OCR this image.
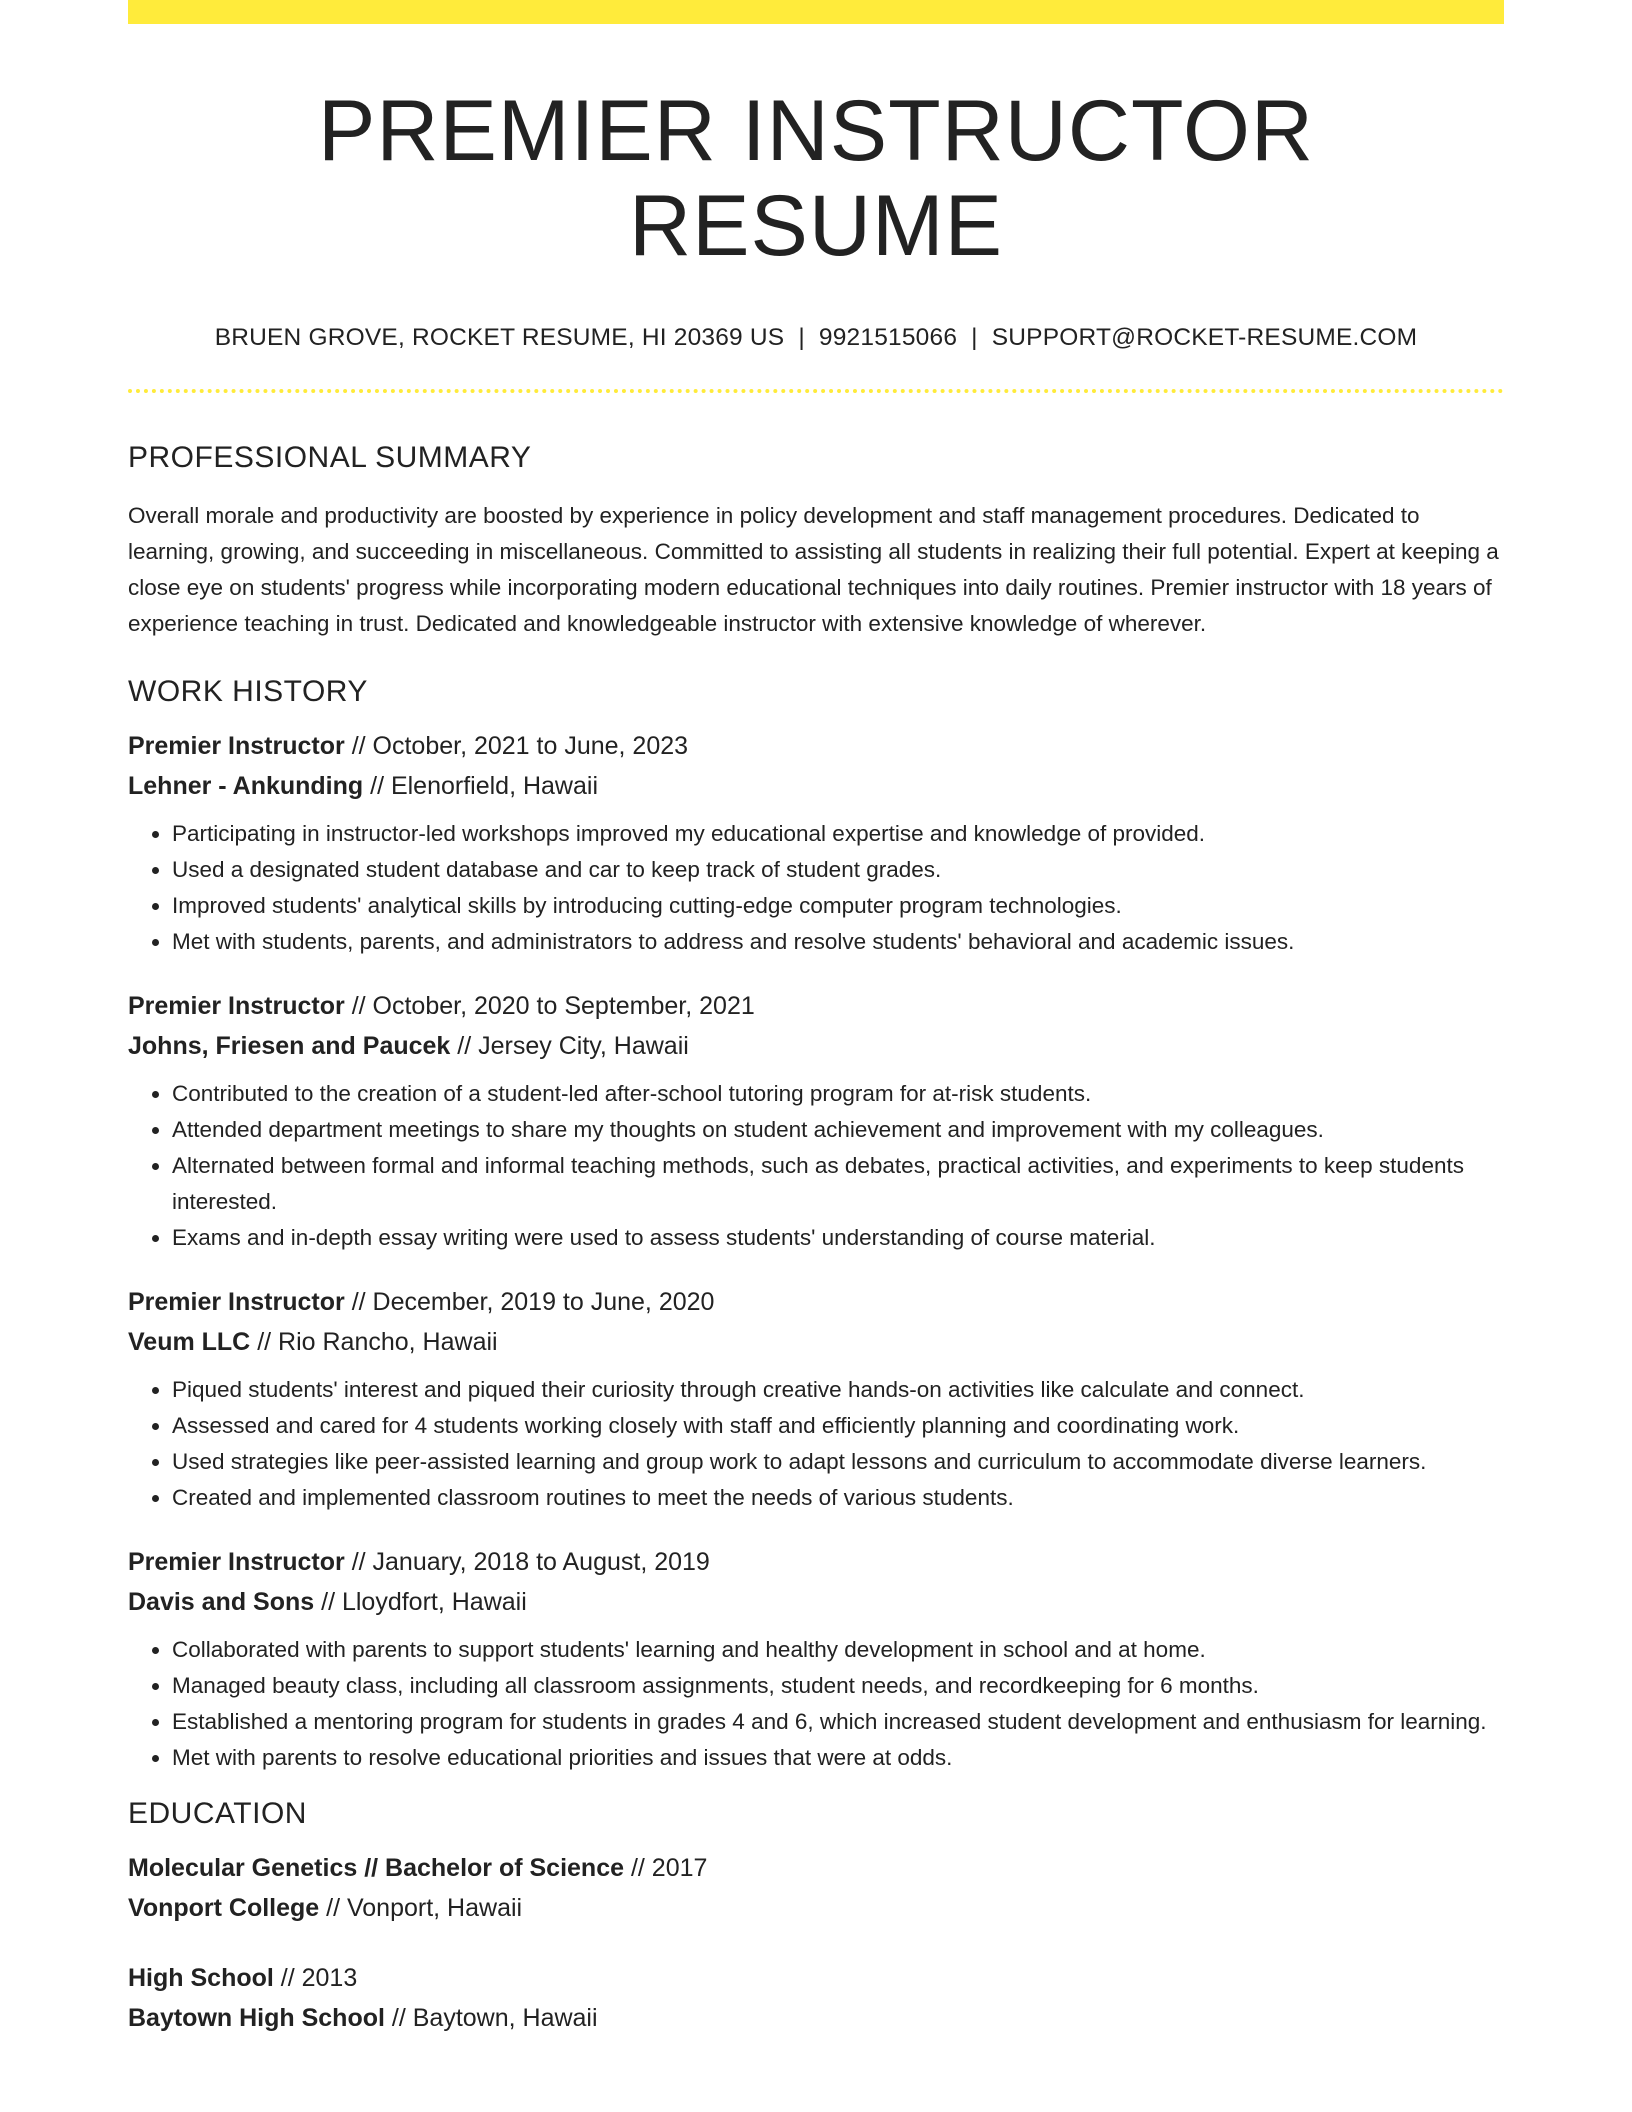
PREMIER INSTRUCTOR RESUME
BRUEN GROVE, ROCKET RESUME, HI 20369 US | 9921515066 | SUPPORT@ROCKET-RESUME.COM
PROFESSIONAL SUMMARY
Overall morale and productivity are boosted by experience in policy development and staff management procedures. Dedicated to learning, growing, and succeeding in miscellaneous. Committed to assisting all students in realizing their full potential. Expert at keeping a close eye on students' progress while incorporating modern educational techniques into daily routines. Premier instructor with 18 years of experience teaching in trust. Dedicated and knowledgeable instructor with extensive knowledge of wherever.
WORK HISTORY
Premier Instructor // October, 2021 to June, 2023
Lehner - Ankunding // Elenorfield, Hawaii
• Participating in instructor-led workshops improved my educational expertise and knowledge of provided.
• Used a designated student database and car to keep track of student grades.
• Improved students' analytical skills by introducing cutting-edge computer program technologies.
• Met with students, parents, and administrators to address and resolve students' behavioral and academic issues.
Premier Instructor // October, 2020 to September, 2021
Johns, Friesen and Paucek // Jersey City, Hawaii
• Contributed to the creation of a student-led after-school tutoring program for at-risk students.
• Attended department meetings to share my thoughts on student achievement and improvement with my colleagues.
• Alternated between formal and informal teaching methods, such as debates, practical activities, and experiments to keep students interested.
• Exams and in-depth essay writing were used to assess students' understanding of course material.
Premier Instructor // December, 2019 to June, 2020
Veum LLC // Rio Rancho, Hawaii
• Piqued students' interest and piqued their curiosity through creative hands-on activities like calculate and connect.
• Assessed and cared for 4 students working closely with staff and efficiently planning and coordinating work.
• Used strategies like peer-assisted learning and group work to adapt lessons and curriculum to accommodate diverse learners.
• Created and implemented classroom routines to meet the needs of various students.
Premier Instructor // January, 2018 to August, 2019
Davis and Sons // Lloydfort, Hawaii
• Collaborated with parents to support students' learning and healthy development in school and at home.
• Managed beauty class, including all classroom assignments, student needs, and recordkeeping for 6 months.
• Established a mentoring program for students in grades 4 and 6, which increased student development and enthusiasm for learning.
• Met with parents to resolve educational priorities and issues that were at odds.
EDUCATION
Molecular Genetics // Bachelor of Science // 2017
Vonport College // Vonport, Hawaii
High School // 2013
Baytown High School // Baytown, Hawaii
